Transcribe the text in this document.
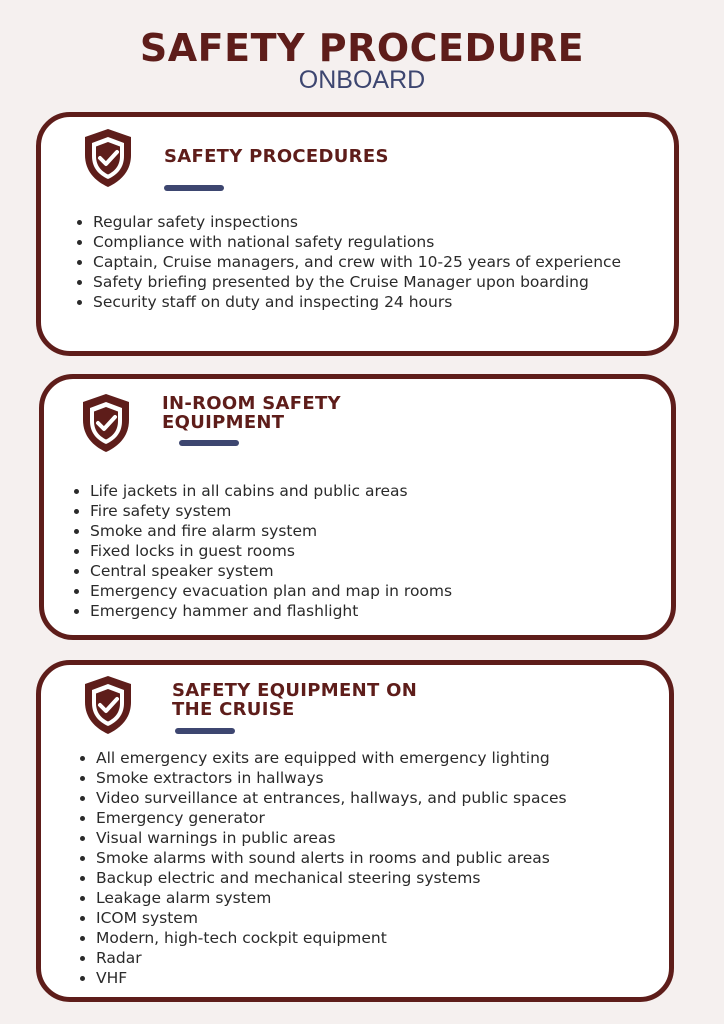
SAFETY PROCEDURE
ONBOARD
SAFETY PROCEDURES
Regular safety inspections
Compliance with national safety regulations
Captain, Cruise managers, and crew with 10-25 years of experience
Safety briefing presented by the Cruise Manager upon boarding
Security staff on duty and inspecting 24 hours
IN-ROOM SAFETY
EQUIPMENT
Life jackets in all cabins and public areas
Fire safety system
Smoke and fire alarm system
Fixed locks in guest rooms
Central speaker system
Emergency evacuation plan and map in rooms
Emergency hammer and flashlight
SAFETY EQUIPMENT ON
THE CRUISE
All emergency exits are equipped with emergency lighting
Smoke extractors in hallways
Video surveillance at entrances, hallways, and public spaces
Emergency generator
Visual warnings in public areas
Smoke alarms with sound alerts in rooms and public areas
Backup electric and mechanical steering systems
Leakage alarm system
ICOM system
Modern, high-tech cockpit equipment
Radar
VHF
